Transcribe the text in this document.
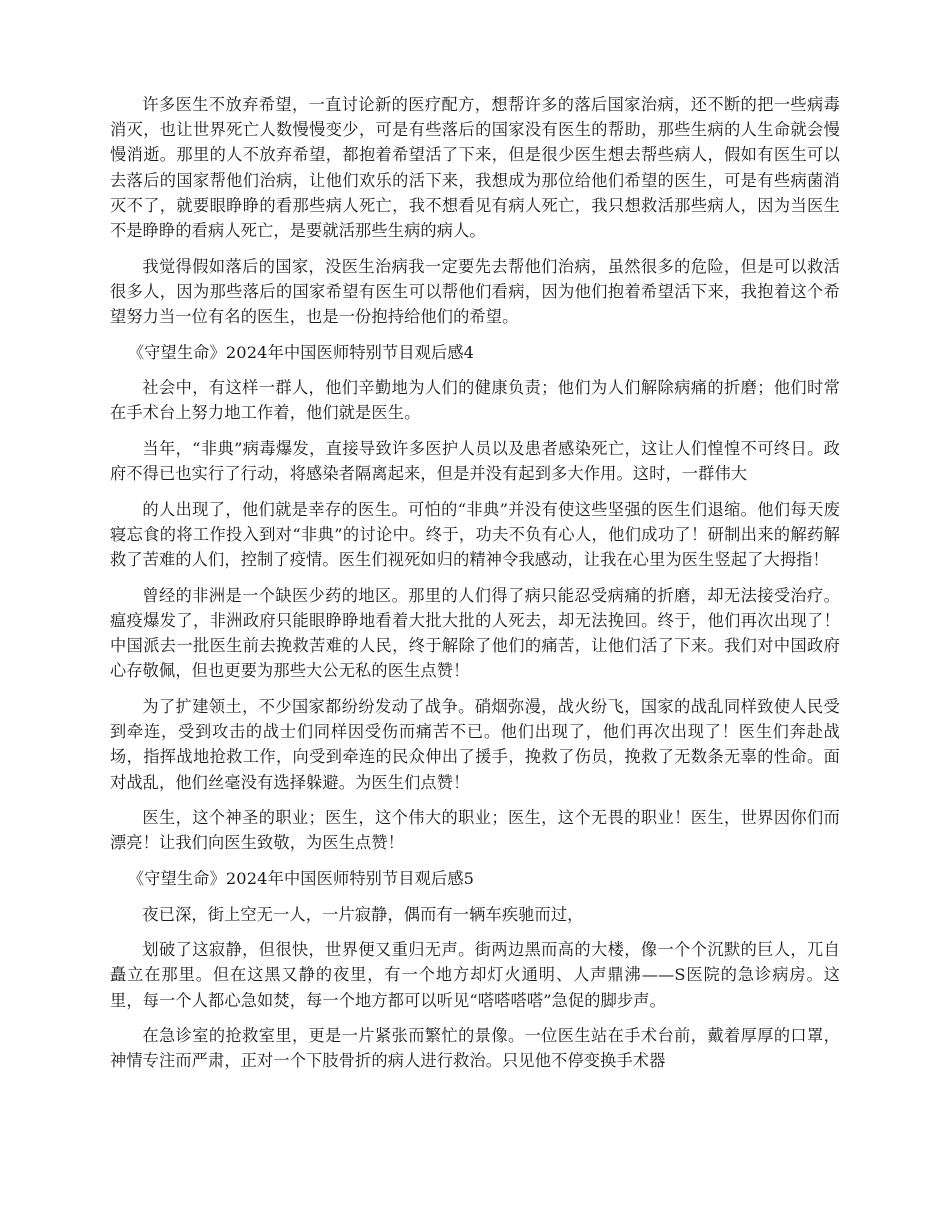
许多医生不放弃希望，一直讨论新的医疗配方，想帮许多的落后国家治病，还不断的把一些病毒消灭，也让世界死亡人数慢慢变少，可是有些落后的国家没有医生的帮助，那些生病的人生命就会慢慢消逝。那里的人不放弃希望，都抱着希望活了下来，但是很少医生想去帮些病人，假如有医生可以去落后的国家帮他们治病，让他们欢乐的活下来，我想成为那位给他们希望的医生，可是有些病菌消灭不了，就要眼睁睁的看那些病人死亡，我不想看见有病人死亡，我只想救活那些病人，因为当医生不是睁睁的看病人死亡，是要就活那些生病的病人。

我觉得假如落后的国家，没医生治病我一定要先去帮他们治病，虽然很多的危险，但是可以救活很多人，因为那些落后的国家希望有医生可以帮他们看病，因为他们抱着希望活下来，我抱着这个希望努力当一位有名的医生，也是一份抱持给他们的希望。

《守望生命》2024年中国医师特别节目观后感4

社会中，有这样一群人，他们辛勤地为人们的健康负责；他们为人们解除病痛的折磨；他们时常在手术台上努力地工作着，他们就是医生。

当年，“非典”病毒爆发，直接导致许多医护人员以及患者感染死亡，这让人们惶惶不可终日。政府不得已也实行了行动，将感染者隔离起来，但是并没有起到多大作用。这时，一群伟大

的人出现了，他们就是幸存的医生。可怕的“非典”并没有使这些坚强的医生们退缩。他们每天废寝忘食的将工作投入到对“非典”的讨论中。终于，功夫不负有心人，他们成功了！研制出来的解药解救了苦难的人们，控制了疫情。医生们视死如归的精神令我感动，让我在心里为医生竖起了大拇指！

曾经的非洲是一个缺医少药的地区。那里的人们得了病只能忍受病痛的折磨，却无法接受治疗。瘟疫爆发了，非洲政府只能眼睁睁地看着大批大批的人死去，却无法挽回。终于，他们再次出现了！中国派去一批医生前去挽救苦难的人民，终于解除了他们的痛苦，让他们活了下来。我们对中国政府心存敬佩，但也更要为那些大公无私的医生点赞！

为了扩建领土，不少国家都纷纷发动了战争。硝烟弥漫，战火纷飞，国家的战乱同样致使人民受到牵连，受到攻击的战士们同样因受伤而痛苦不已。他们出现了，他们再次出现了！医生们奔赴战场，指挥战地抢救工作，向受到牵连的民众伸出了援手，挽救了伤员，挽救了无数条无辜的性命。面对战乱，他们丝毫没有选择躲避。为医生们点赞！

医生，这个神圣的职业；医生，这个伟大的职业；医生，这个无畏的职业！医生，世界因你们而漂亮！让我们向医生致敬，为医生点赞！

《守望生命》2024年中国医师特别节目观后感5

夜已深，街上空无一人，一片寂静，偶而有一辆车疾驰而过，

划破了这寂静，但很快，世界便又重归无声。街两边黑而高的大楼，像一个个沉默的巨人，兀自矗立在那里。但在这黑又静的夜里，有一个地方却灯火通明、人声鼎沸——S医院的急诊病房。这里，每一个人都心急如焚，每一个地方都可以听见“嗒嗒嗒嗒”急促的脚步声。

在急诊室的抢救室里，更是一片紧张而繁忙的景像。一位医生站在手术台前，戴着厚厚的口罩，神情专注而严肃，正对一个下肢骨折的病人进行救治。只见他不停变换手术器
